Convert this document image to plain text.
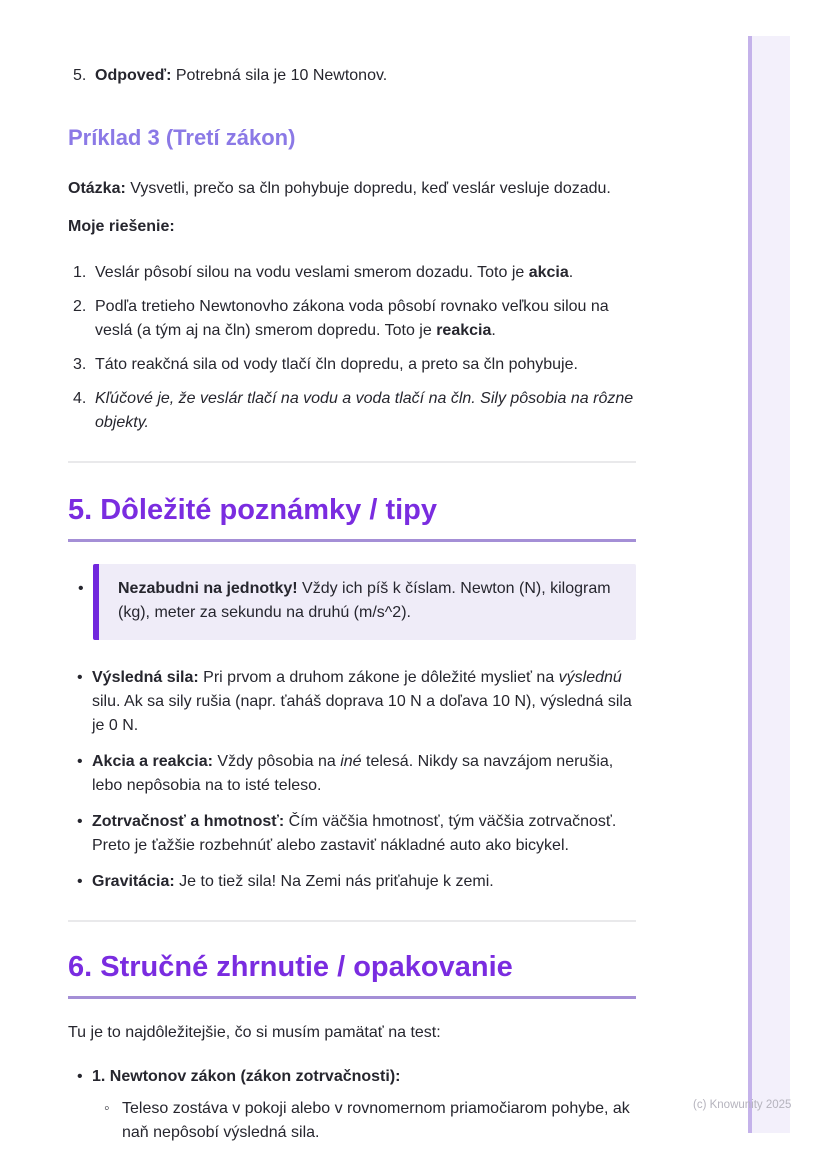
5. Odpoveď: Potrebná sila je 10 Newtonov.
Príklad 3 (Tretí zákon)

Otázka: Vysvetli, prečo sa čln pohybuje dopredu, keď veslár vesluje dozadu.

Moje riešenie:

1. Veslár pôsobí silou na vodu veslami smerom dozadu. Toto je akcia.
2. Podľa tretieho Newtonovho zákona voda pôsobí rovnako veľkou silou na veslá (a tým aj na čln) smerom dopredu. Toto je reakcia.
3. Táto reakčná sila od vody tlačí čln dopredu, a preto sa čln pohybuje.
4. Kľúčové je, že veslár tlačí na vodu a voda tlačí na čln. Sily pôsobia na rôzne objekty.
5. Dôležité poznámky / tipy
•	Nezabudni na jednotky! Vždy ich píš k číslam. Newton (N), kilogram (kg), meter za sekundu na druhú (m/s^2).
• Výsledná sila: Pri prvom a druhom zákone je dôležité myslieť na výslednú silu. Ak sa sily rušia (napr. ťaháš doprava 10 N a doľava 10 N), výsledná sila je 0 N.
• Akcia a reakcia: Vždy pôsobia na iné telesá. Nikdy sa navzájom nerušia, lebo nepôsobia na to isté teleso.
• Zotrvačnosť a hmotnosť: Čím väčšia hmotnosť, tým väčšia zotrvačnosť. Preto je ťažšie rozbehnúť alebo zastaviť nákladné auto ako bicykel.
• Gravitácia: Je to tiež sila! Na Zemi nás priťahuje k zemi.
6. Stručné zhrnutie / opakovanie

Tu je to najdôležitejšie, čo si musím pamätať na test:

• 1. Newtonov zákon (zákon zotrvačnosti):
◦ Teleso zostáva v pokoji alebo v rovnomernom priamočiarom pohybe, ak naň nepôsobí výsledná sila.
(c) Knowunity 2025
